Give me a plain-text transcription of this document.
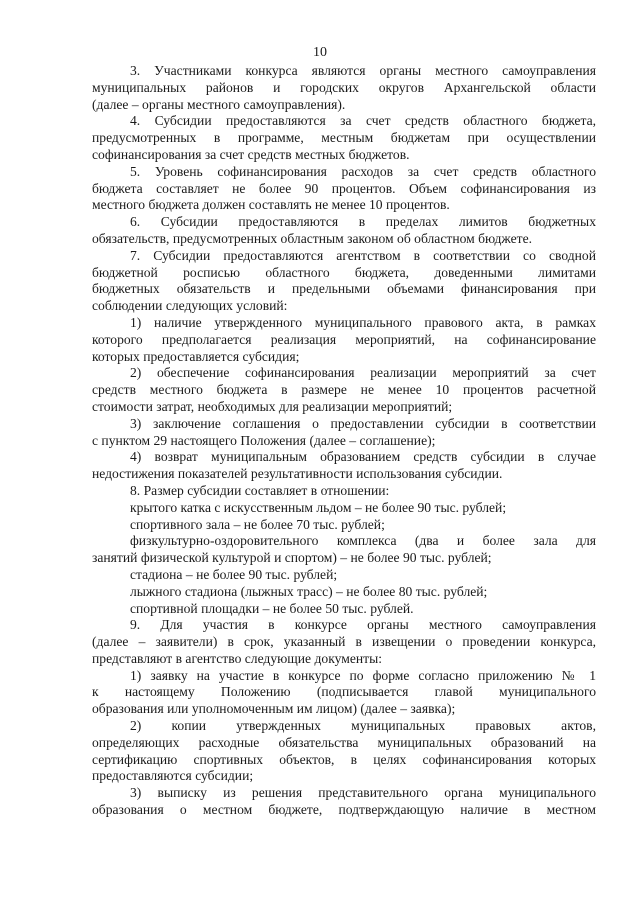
10
3. Участниками конкурса являются органы местного самоуправления
муниципальных районов и городских округов Архангельской области
(далее – органы местного самоуправления).
4. Субсидии предоставляются за счет средств областного бюджета,
предусмотренных в программе, местным бюджетам при осуществлении
софинансирования за счет средств местных бюджетов.
5. Уровень софинансирования расходов за счет средств областного
бюджета составляет не более 90 процентов. Объем софинансирования из
местного бюджета должен составлять не менее 10 процентов.
6. Субсидии предоставляются в пределах лимитов бюджетных
обязательств, предусмотренных областным законом об областном бюджете.
7. Субсидии предоставляются агентством в соответствии со сводной
бюджетной росписью областного бюджета, доведенными лимитами
бюджетных обязательств и предельными объемами финансирования при
соблюдении следующих условий:
1) наличие утвержденного муниципального правового акта, в рамках
которого предполагается реализация мероприятий, на софинансирование
которых предоставляется субсидия;
2) обеспечение софинансирования реализации мероприятий за счет
средств местного бюджета в размере не менее 10 процентов расчетной
стоимости затрат, необходимых для реализации мероприятий;
3) заключение соглашения о предоставлении субсидии в соответствии
с пунктом 29 настоящего Положения (далее – соглашение);
4) возврат муниципальным образованием средств субсидии в случае
недостижения показателей результативности использования субсидии.
8. Размер субсидии составляет в отношении:
крытого катка с искусственным льдом – не более 90 тыс. рублей;
спортивного зала – не более 70 тыс. рублей;
физкультурно-оздоровительного комплекса (два и более зала для
занятий физической культурой и спортом) – не более 90 тыс. рублей;
стадиона – не более 90 тыс. рублей;
лыжного стадиона (лыжных трасс) – не более 80 тыс. рублей;
спортивной площадки – не более 50 тыс. рублей.
9. Для участия в конкурсе органы местного самоуправления
(далее – заявители) в срок, указанный в извещении о проведении конкурса,
представляют в агентство следующие документы:
1) заявку на участие в конкурсе по форме согласно приложению № 1
к настоящему Положению (подписывается главой муниципального
образования или уполномоченным им лицом) (далее – заявка);
2) копии утвержденных муниципальных правовых актов,
определяющих расходные обязательства муниципальных образований на
сертификацию спортивных объектов, в целях софинансирования которых
предоставляются субсидии;
3) выписку из решения представительного органа муниципального
образования о местном бюджете, подтверждающую наличие в местном
